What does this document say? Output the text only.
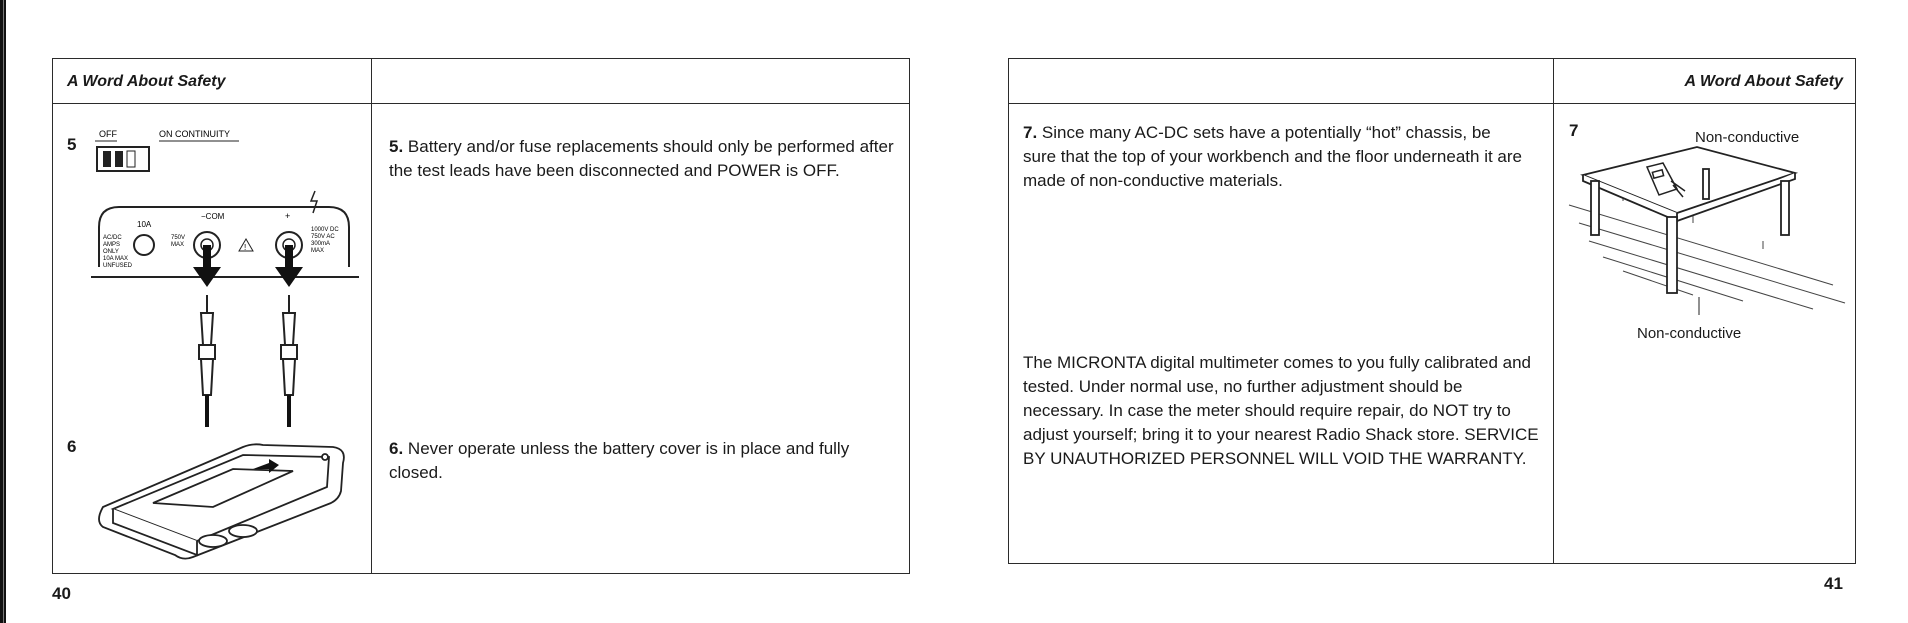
A Word About Safety
5
OFF	ON CONTINUITY
AC/DC AMPS ONLY 10A MAX UNFUSED
10A
−COM
750V MAX	!
+
1000V DC 750V AC 300mA MAX
5. Battery and/or fuse replacements should only be performed after the test leads have been disconnected and POWER is OFF.
6	6. Never operate unless the battery cover is in place and fully closed.
40
A Word About Safety
7. Since many AC-DC sets have a potentially “hot” chassis, be sure that the top of your workbench and the floor underneath it are made of non-conductive materials.
The MICRONTA digital multimeter comes to you fully calibrated and tested. Under normal use, no further adjustment should be necessary. In case the meter should require repair, do NOT try to adjust yourself; bring it to your nearest Radio Shack store. SERVICE BY UNAUTHORIZED PERSONNEL WILL VOID THE WARRANTY.
7	Non-conductive
Non-conductive
41
